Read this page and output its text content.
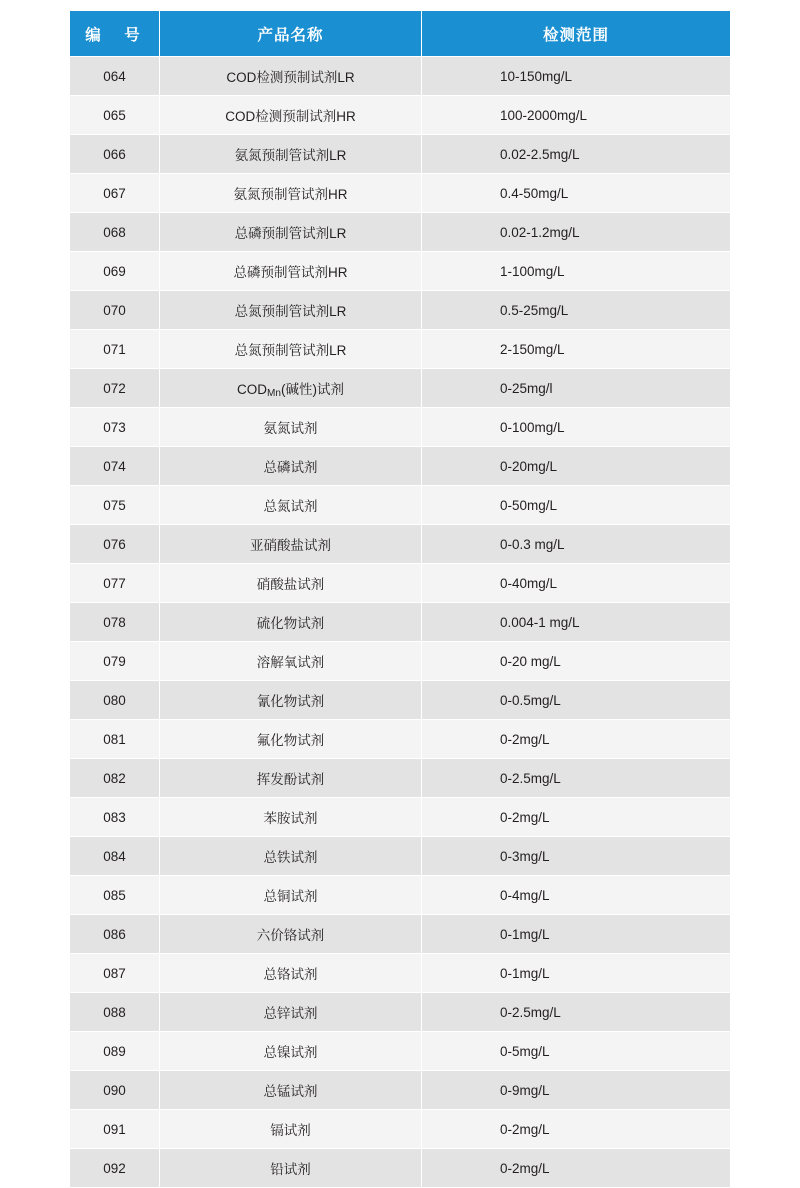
编　号	产品名称	检测范围
064	COD检测预制试剂LR	10-150mg/L
065	COD检测预制试剂HR	100-2000mg/L
066	氨氮预制管试剂LR	0.02-2.5mg/L
067	氨氮预制管试剂HR	0.4-50mg/L
068	总磷预制管试剂LR	0.02-1.2mg/L
069	总磷预制管试剂HR	1-100mg/L
070	总氮预制管试剂LR	0.5-25mg/L
071	总氮预制管试剂LR	2-150mg/L
072	CODMn(碱性)试剂	0-25mg/l
073	氨氮试剂	0-100mg/L
074	总磷试剂	0-20mg/L
075	总氮试剂	0-50mg/L
076	亚硝酸盐试剂	0-0.3 mg/L
077	硝酸盐试剂	0-40mg/L
078	硫化物试剂	0.004-1 mg/L
079	溶解氧试剂	0-20 mg/L
080	氰化物试剂	0-0.5mg/L
081	氟化物试剂	0-2mg/L
082	挥发酚试剂	0-2.5mg/L
083	苯胺试剂	0-2mg/L
084	总铁试剂	0-3mg/L
085	总铜试剂	0-4mg/L
086	六价铬试剂	0-1mg/L
087	总铬试剂	0-1mg/L
088	总锌试剂	0-2.5mg/L
089	总镍试剂	0-5mg/L
090	总锰试剂	0-9mg/L
091	镉试剂	0-2mg/L
092	铅试剂	0-2mg/L
